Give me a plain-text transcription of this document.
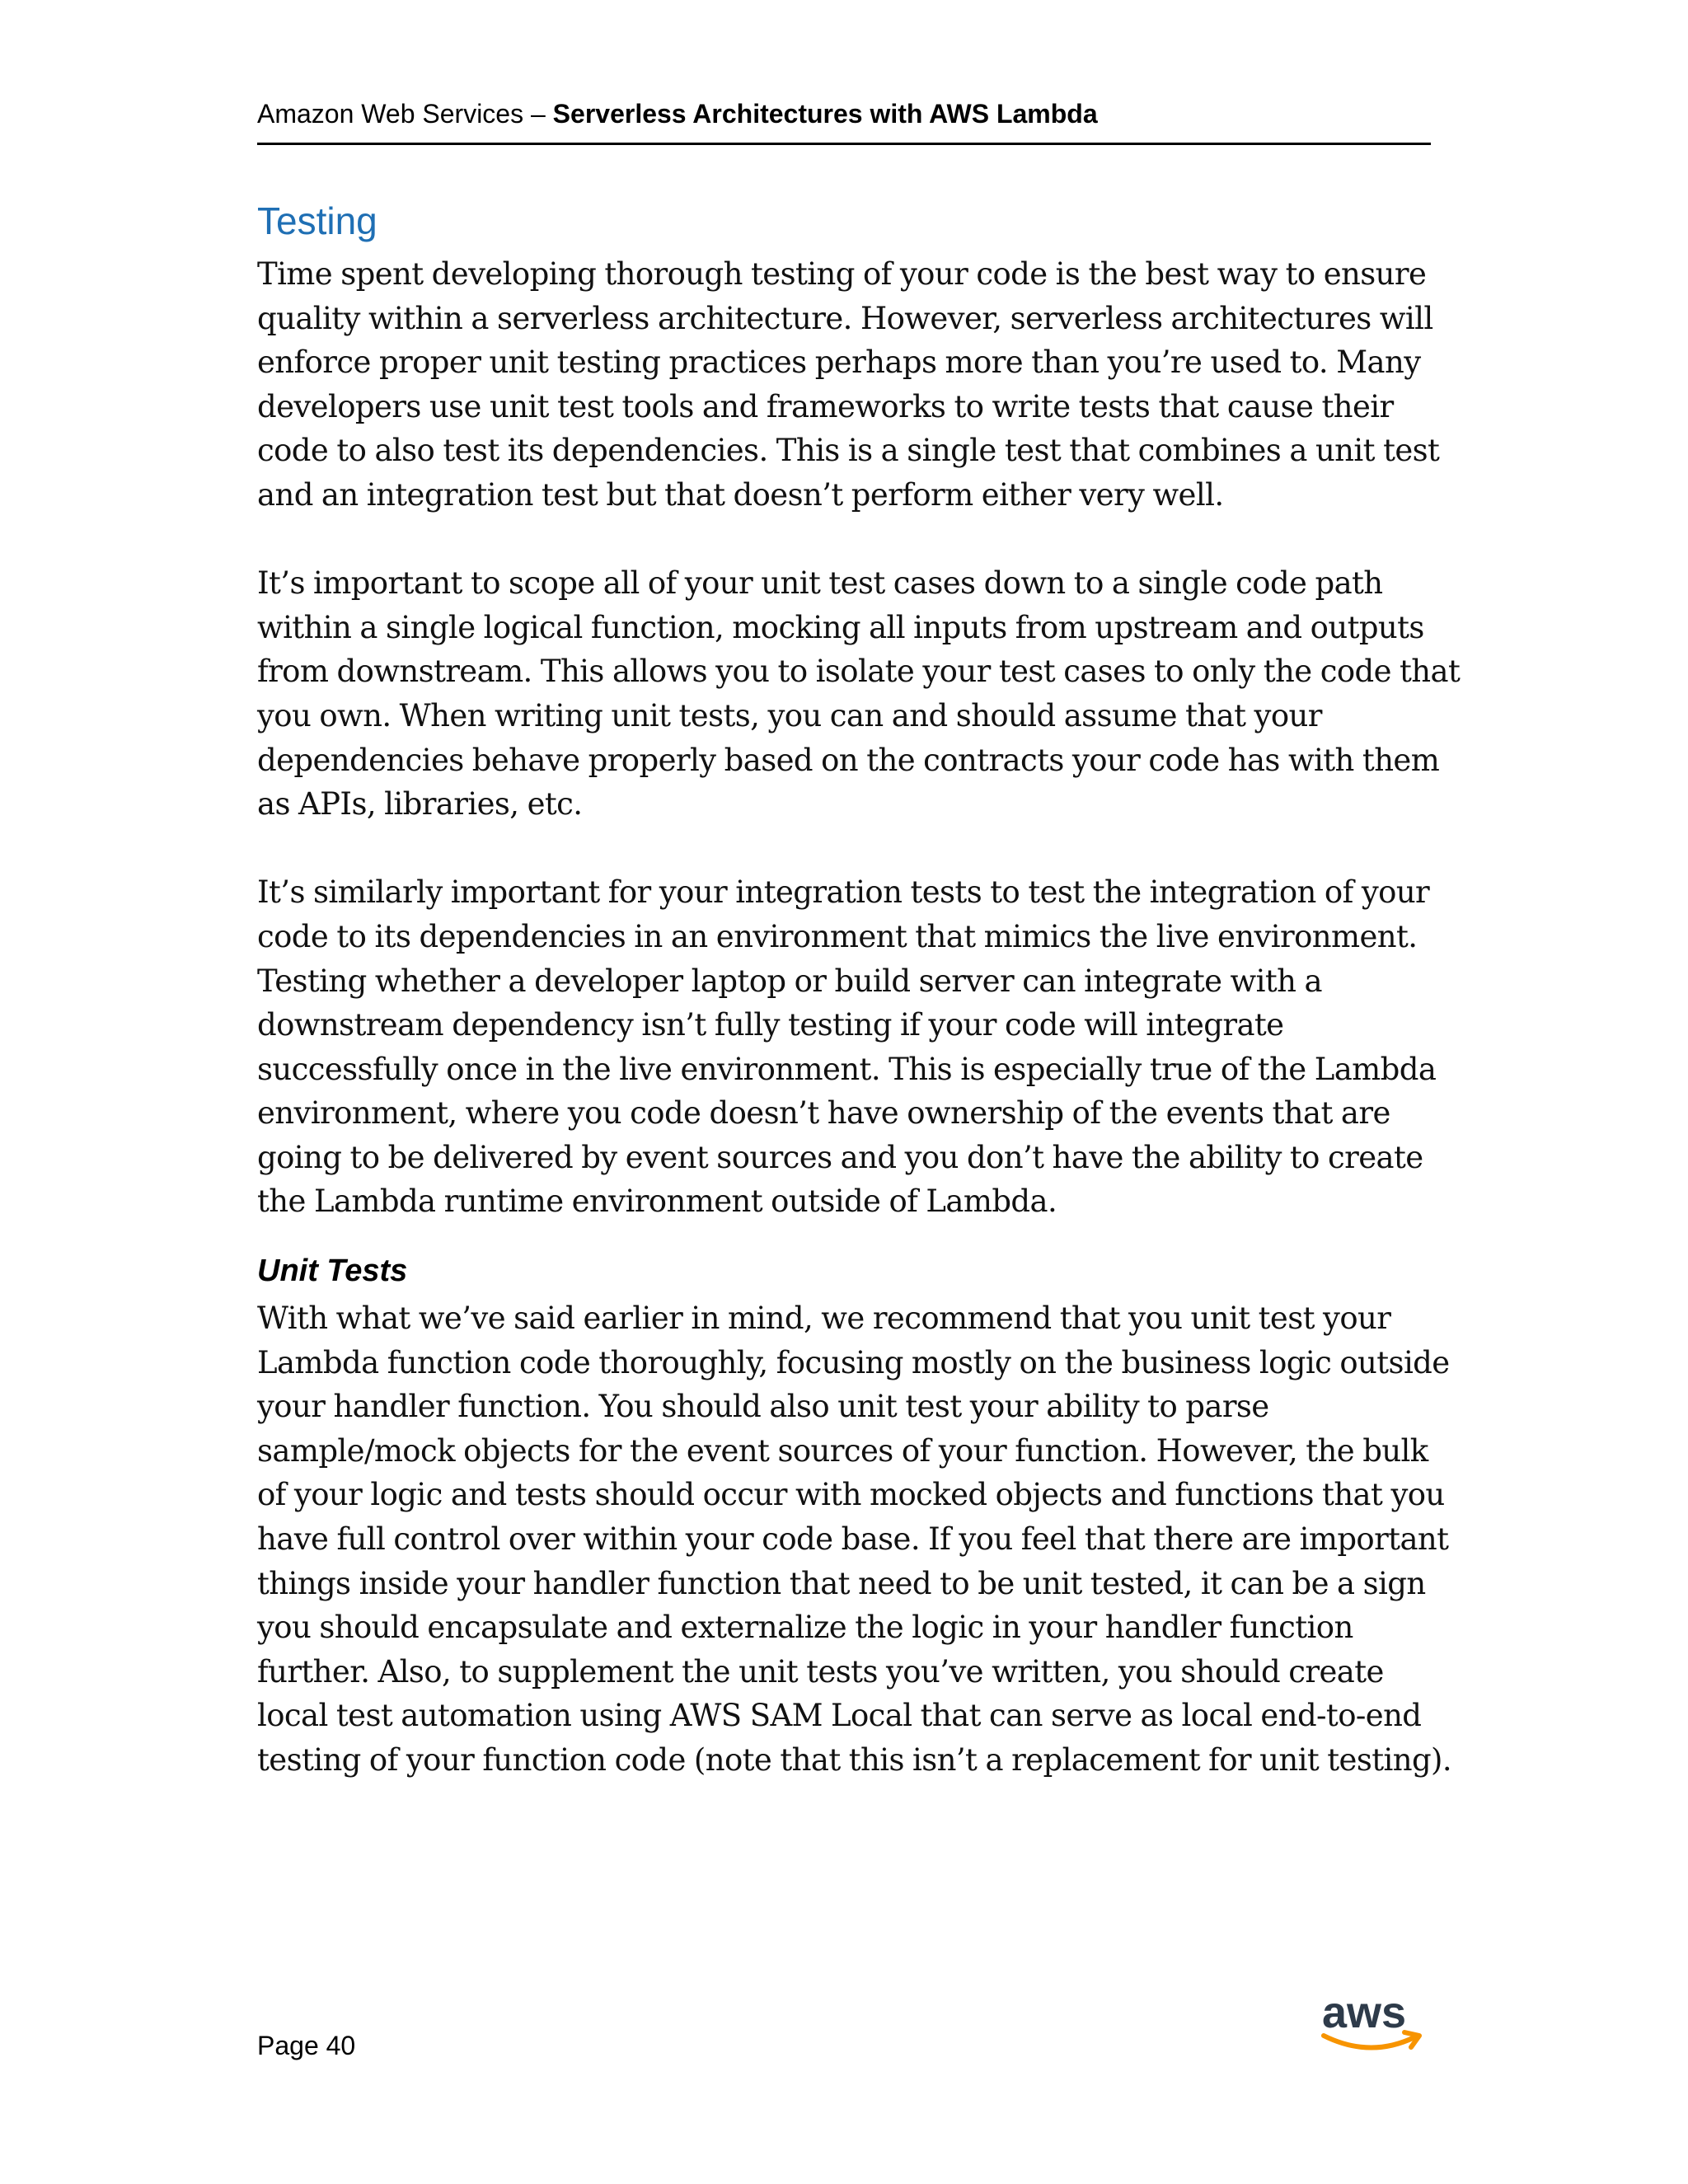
Amazon Web Services – Serverless Architectures with AWS Lambda
Testing
Time spent developing thorough testing of your code is the best way to ensure
quality within a serverless architecture. However, serverless architectures will
enforce proper unit testing practices perhaps more than you’re used to. Many
developers use unit test tools and frameworks to write tests that cause their
code to also test its dependencies. This is a single test that combines a unit test
and an integration test but that doesn’t perform either very well.
It’s important to scope all of your unit test cases down to a single code path
within a single logical function, mocking all inputs from upstream and outputs
from downstream. This allows you to isolate your test cases to only the code that
you own. When writing unit tests, you can and should assume that your
dependencies behave properly based on the contracts your code has with them
as APIs, libraries, etc.
It’s similarly important for your integration tests to test the integration of your
code to its dependencies in an environment that mimics the live environment.
Testing whether a developer laptop or build server can integrate with a
downstream dependency isn’t fully testing if your code will integrate
successfully once in the live environment. This is especially true of the Lambda
environment, where you code doesn’t have ownership of the events that are
going to be delivered by event sources and you don’t have the ability to create
the Lambda runtime environment outside of Lambda.
Unit Tests
With what we’ve said earlier in mind, we recommend that you unit test your
Lambda function code thoroughly, focusing mostly on the business logic outside
your handler function. You should also unit test your ability to parse
sample/mock objects for the event sources of your function. However, the bulk
of your logic and tests should occur with mocked objects and functions that you
have full control over within your code base. If you feel that there are important
things inside your handler function that need to be unit tested, it can be a sign
you should encapsulate and externalize the logic in your handler function
further. Also, to supplement the unit tests you’ve written, you should create
local test automation using AWS SAM Local that can serve as local end-to-end
testing of your function code (note that this isn’t a replacement for unit testing).
Page 40
aws
